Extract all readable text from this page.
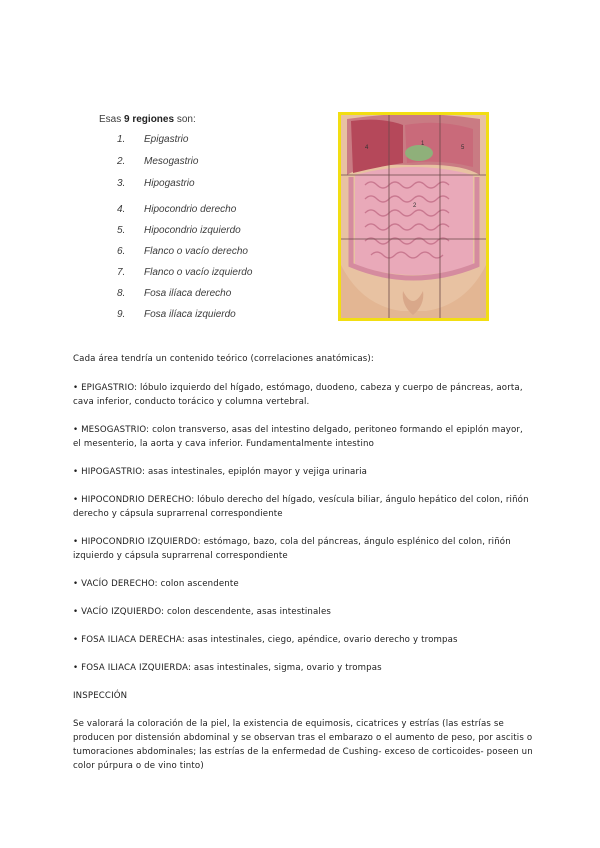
Esas 9 regiones son:
1. Epigastrio
2. Mesogastrio
3. Hipogastrio
4. Hipocondrio derecho
5. Hipocondrio izquierdo
6. Flanco o vacío derecho
7. Flanco o vacío izquierdo
8. Fosa ilíaca derecho
9. Fosa ilíaca izquierdo
4
1
5
2

Cada área tendría un contenido teórico (correlaciones anatómicas):

• EPIGASTRIO: lóbulo izquierdo del hígado, estómago, duodeno, cabeza y cuerpo de páncreas, aorta, cava inferior, conducto torácico y columna vertebral.

• MESOGASTRIO: colon transverso, asas del intestino delgado, peritoneo formando el epiplón mayor, el mesenterio, la aorta y cava inferior. Fundamentalmente intestino

• HIPOGASTRIO: asas intestinales, epiplón mayor y vejiga urinaria

• HIPOCONDRIO DERECHO: lóbulo derecho del hígado, vesícula biliar, ángulo hepático del colon, riñón derecho y cápsula suprarrenal correspondiente

• HIPOCONDRIO IZQUIERDO: estómago, bazo, cola del páncreas, ángulo esplénico del colon, riñón izquierdo y cápsula suprarrenal correspondiente

• VACÍO DERECHO: colon ascendente

• VACÍO IZQUIERDO: colon descendente, asas intestinales

• FOSA ILIACA DERECHA: asas intestinales, ciego, apéndice, ovario derecho y trompas

• FOSA ILIACA IZQUIERDA: asas intestinales, sigma, ovario y trompas

INSPECCIÓN

Se valorará la coloración de la piel, la existencia de equimosis, cicatrices y estrías (las estrías se producen por distensión abdominal y se observan tras el embarazo o el aumento de peso, por ascitis o tumoraciones abdominales; las estrías de la enfermedad de Cushing- exceso de corticoides- poseen un color púrpura o de vino tinto)
